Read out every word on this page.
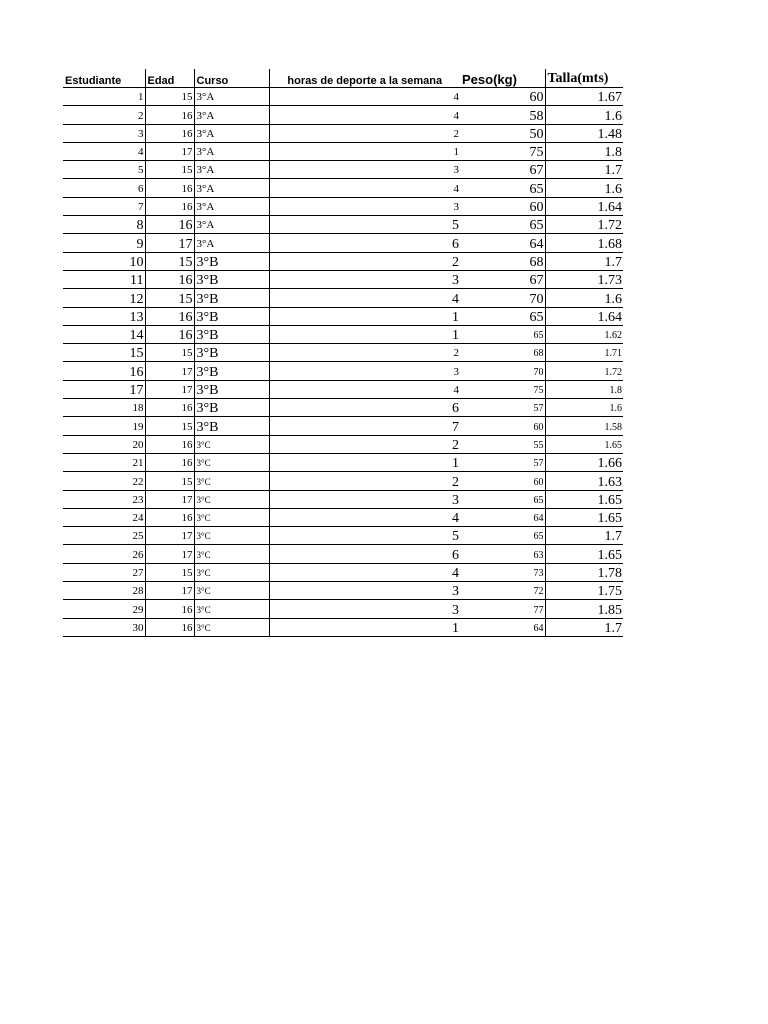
Estudiante	Edad	Curso	horas de deporte a la semana	Peso(kg)	Talla(mts)
1	15	3°A	4	60	1.67
2	16	3°A	4	58	1.6
3	16	3°A	2	50	1.48
4	17	3°A	1	75	1.8
5	15	3°A	3	67	1.7
6	16	3°A	4	65	1.6
7	16	3°A	3	60	1.64
8	16	3°A	5	65	1.72
9	17	3°A	6	64	1.68
10	15	3°B	2	68	1.7
11	16	3°B	3	67	1.73
12	15	3°B	4	70	1.6
13	16	3°B	1	65	1.64
14	16	3°B	1	65	1.62
15	15	3°B	2	68	1.71
16	17	3°B	3	70	1.72
17	17	3°B	4	75	1.8
18	16	3°B	6	57	1.6
19	15	3°B	7	60	1.58
20	16	3°C	2	55	1.65
21	16	3°C	1	57	1.66
22	15	3°C	2	60	1.63
23	17	3°C	3	65	1.65
24	16	3°C	4	64	1.65
25	17	3°C	5	65	1.7
26	17	3°C	6	63	1.65
27	15	3°C	4	73	1.78
28	17	3°C	3	72	1.75
29	16	3°C	3	77	1.85
30	16	3°C	1	64	1.7
